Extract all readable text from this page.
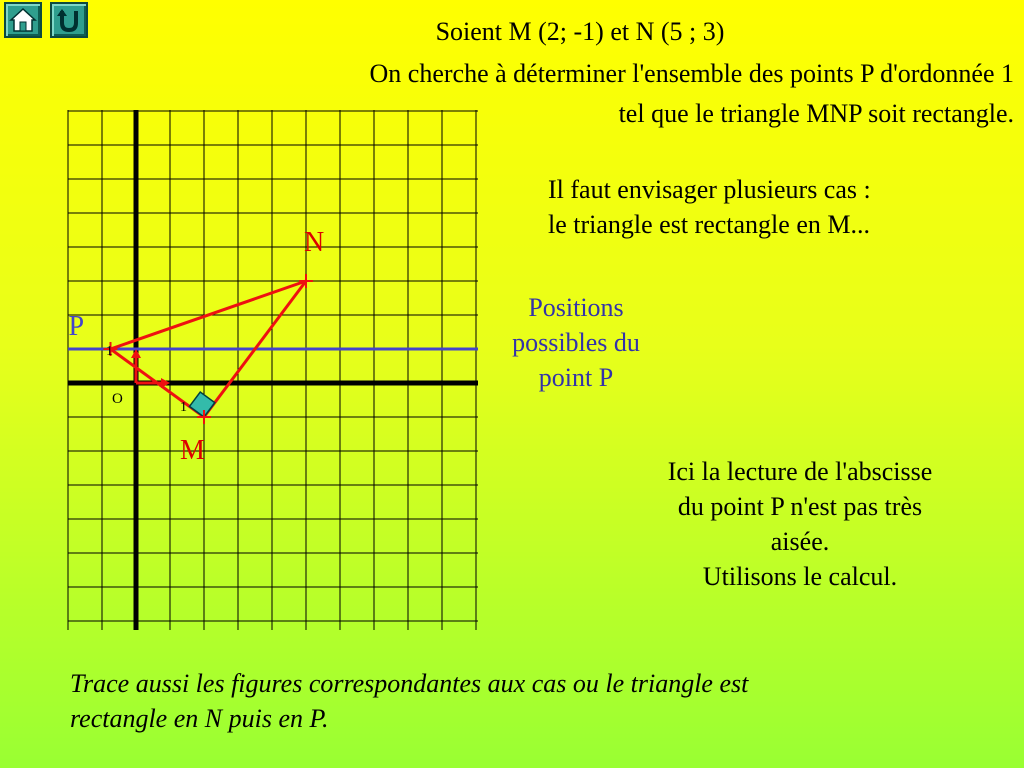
Soient M (2; -1) et N (5 ; 3)
On cherche à déterminer l'ensemble des points P d'ordonnée 1
tel que le triangle MNP soit rectangle.
Il faut envisager plusieurs cas :
le triangle est rectangle en M...
Positions
possibles du
point P
Ici la lecture de l'abscisse
du point P n'est pas très
aisée.
Utilisons le calcul.
Trace aussi les figures correspondantes aux cas ou le triangle est
rectangle en N puis en P.
N
M
P
O
1
1
